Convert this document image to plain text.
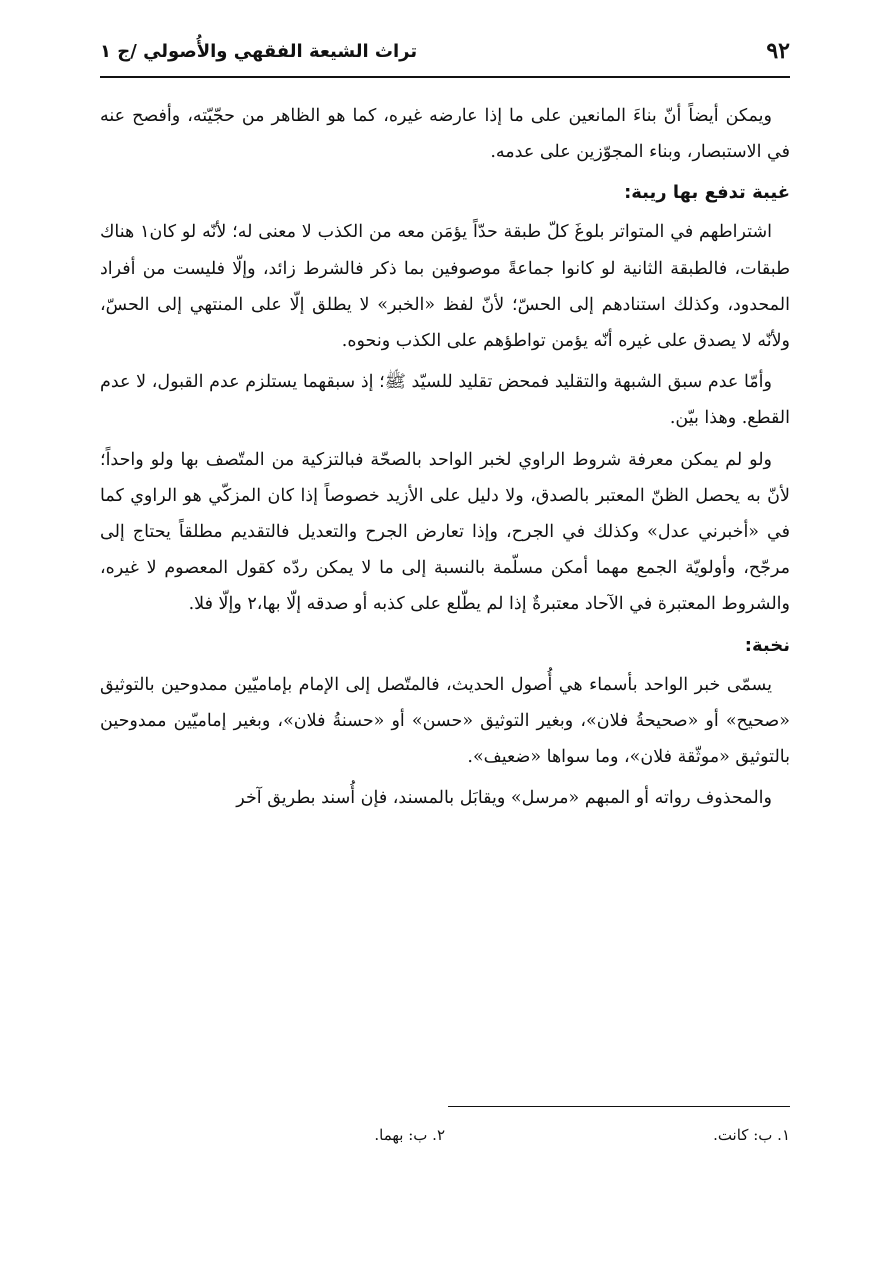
٩٢
تراث الشيعة الفقهي والأُصولي /ج ١

ويمكن أيضاً أنّ بناءَ المانعين على ما إذا عارضه غيره، كما هو الظاهر من حجّيّته، وأفصح عنه في الاستبصار، وبناء المجوّزين على عدمه.

غيبة تدفع بها ريبة:

اشتراطهم في المتواتر بلوغَ كلّ طبقة حدّاً يؤمَن معه من الكذب لا معنى له؛ لأنّه لو كان١ هناك طبقات، فالطبقة الثانية لو كانوا جماعةً موصوفين بما ذكر فالشرط زائد، وإلّا فليست من أفراد المحدود، وكذلك استنادهم إلى الحسّ؛ لأنّ لفظ «الخبر» لا يطلق إلّا على المنتهي إلى الحسّ، ولأنّه لا يصدق على غيره أنّه يؤمن تواطؤهم على الكذب ونحوه.

وأمّا عدم سبق الشبهة والتقليد فمحض تقليد للسيّد ﷺ؛ إذ سبقهما يستلزم عدم القبول، لا عدم القطع. وهذا بيّن.

ولو لم يمكن معرفة شروط الراوي لخبر الواحد بالصحّة فبالتزكية من المتّصف بها ولو واحداً؛ لأنّ به يحصل الظنّ المعتبر بالصدق، ولا دليل على الأزيد خصوصاً إذا كان المزكّي هو الراوي كما في «أخبرني عدل» وكذلك في الجرح، وإذا تعارض الجرح والتعديل فالتقديم مطلقاً يحتاج إلى مرجّح، وأولويّة الجمع مهما أمكن مسلّمة بالنسبة إلى ما لا يمكن ردّه كقول المعصوم لا غيره، والشروط المعتبرة في الآحاد معتبرةٌ إذا لم يطّلع على كذبه أو صدقه إلّا بها،٢ وإلّا فلا.

نخبة:

يسمّى خبر الواحد بأسماء هي أُصول الحديث، فالمتّصل إلى الإمام بإماميّين ممدوحين بالتوثيق «صحيح» أو «صحيحةُ فلان»، وبغير التوثيق «حسن» أو «حسنةُ فلان»، وبغير إماميّين ممدوحين بالتوثيق «موثّقة فلان»، وما سواها «ضعيف».

والمحذوف رواته أو المبهم «مرسل» ويقابَل بالمسند، فإن أُسند بطريق آخر

١. ب: كانت.
٢. ب: بهما.
